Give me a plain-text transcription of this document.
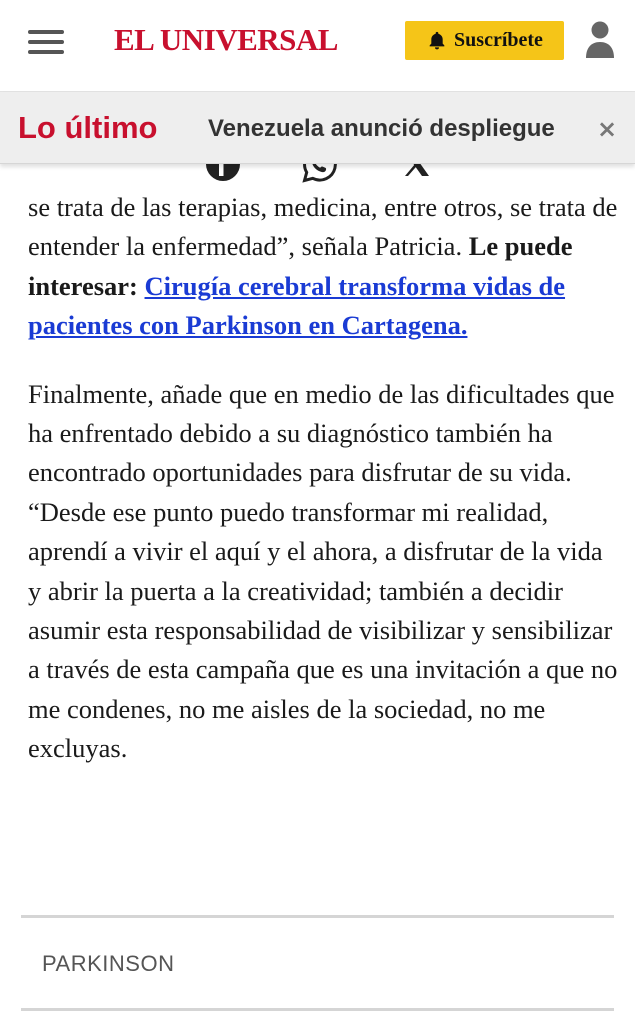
EL UNIVERSAL	Suscríbete
Lo último Venezuela anunció despliegue	×

se trata de las terapias, medicina, entre otros, se trata de entender la enfermedad”, señala Patricia. Le puede interesar: Cirugía cerebral transforma vidas de pacientes con Parkinson en Cartagena.

Finalmente, añade que en medio de las dificultades que ha enfrentado debido a su diagnóstico también ha encontrado oportunidades para disfrutar de su vida. “Desde ese punto puedo transformar mi realidad, aprendí a vivir el aquí y el ahora, a disfrutar de la vida y abrir la puerta a la creatividad; también a decidir asumir esta responsabilidad de visibilizar y sensibilizar a través de esta campaña que es una invitación a que no me condenes, no me aisles de la sociedad, no me excluyas.

PARKINSON
